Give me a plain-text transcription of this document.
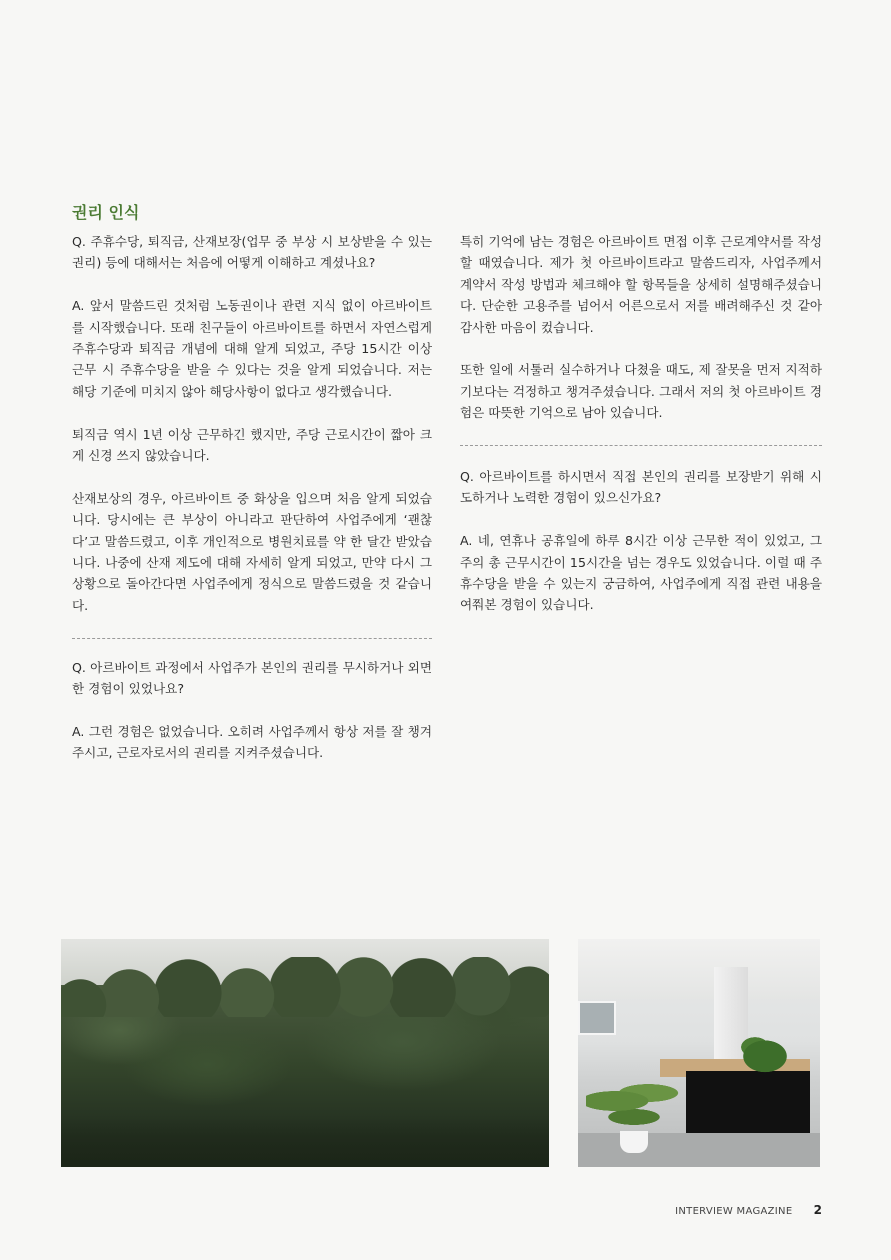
권리 인식

Q. 주휴수당, 퇴직금, 산재보장(업무 중 부상 시 보상받을 수 있는 권리) 등에 대해서는 처음에 어떻게 이해하고 계셨나요?

A. 앞서 말씀드린 것처럼 노동권이나 관련 지식 없이 아르바이트를 시작했습니다. 또래 친구들이 아르바이트를 하면서 자연스럽게 주휴수당과 퇴직금 개념에 대해 알게 되었고, 주당 15시간 이상 근무 시 주휴수당을 받을 수 있다는 것을 알게 되었습니다. 저는 해당 기준에 미치지 않아 해당사항이 없다고 생각했습니다.

퇴직금 역시 1년 이상 근무하긴 했지만, 주당 근로시간이 짧아 크게 신경 쓰지 않았습니다.

산재보상의 경우, 아르바이트 중 화상을 입으며 처음 알게 되었습니다. 당시에는 큰 부상이 아니라고 판단하여 사업주에게 ‘괜찮다’고 말씀드렸고, 이후 개인적으로 병원치료를 약 한 달간 받았습니다. 나중에 산재 제도에 대해 자세히 알게 되었고, 만약 다시 그 상황으로 돌아간다면 사업주에게 정식으로 말씀드렸을 것 같습니다.

Q. 아르바이트 과정에서 사업주가 본인의 권리를 무시하거나 외면한 경험이 있었나요?

A. 그런 경험은 없었습니다. 오히려 사업주께서 항상 저를 잘 챙겨주시고, 근로자로서의 권리를 지켜주셨습니다.

특히 기억에 남는 경험은 아르바이트 면접 이후 근로계약서를 작성할 때였습니다. 제가 첫 아르바이트라고 말씀드리자, 사업주께서 계약서 작성 방법과 체크해야 할 항목들을 상세히 설명해주셨습니다. 단순한 고용주를 넘어서 어른으로서 저를 배려해주신 것 같아 감사한 마음이 컸습니다.

또한 일에 서툴러 실수하거나 다쳤을 때도, 제 잘못을 먼저 지적하기보다는 걱정하고 챙겨주셨습니다. 그래서 저의 첫 아르바이트 경험은 따뜻한 기억으로 남아 있습니다.

Q. 아르바이트를 하시면서 직접 본인의 권리를 보장받기 위해 시도하거나 노력한 경험이 있으신가요?

A. 네, 연휴나 공휴일에 하루 8시간 이상 근무한 적이 있었고, 그 주의 총 근무시간이 15시간을 넘는 경우도 있었습니다. 이럴 때 주휴수당을 받을 수 있는지 궁금하여, 사업주에게 직접 관련 내용을 여쭤본 경험이 있습니다.

INTERVIEW MAGAZINE 2
